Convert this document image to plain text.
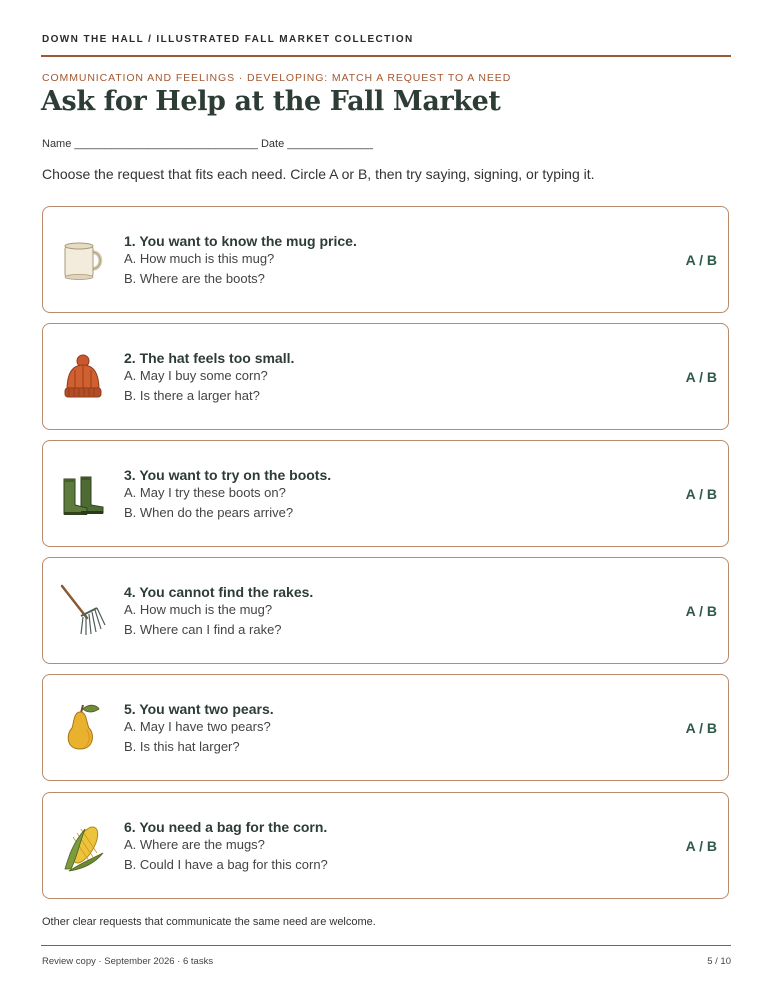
DOWN THE HALL / ILLUSTRATED FALL MARKET COLLECTION
COMMUNICATION AND FEELINGS · DEVELOPING: MATCH A REQUEST TO A NEED
Ask for Help at the Fall Market
Name ______________________________ Date ______________
Choose the request that fits each need. Circle A or B, then try saying, signing, or typing it.
1. You want to know the mug price.
A. How much is this mug?
B. Where are the boots?
A / B
2. The hat feels too small.
A. May I buy some corn?
B. Is there a larger hat?
A / B
3. You want to try on the boots.
A. May I try these boots on?
B. When do the pears arrive?
A / B
4. You cannot find the rakes.
A. How much is the mug?
B. Where can I find a rake?
A / B
5. You want two pears.
A. May I have two pears?
B. Is this hat larger?
A / B
6. You need a bag for the corn.
A. Where are the mugs?
B. Could I have a bag for this corn?
A / B
Other clear requests that communicate the same need are welcome.
Review copy · September 2026 · 6 tasks	5 / 10
